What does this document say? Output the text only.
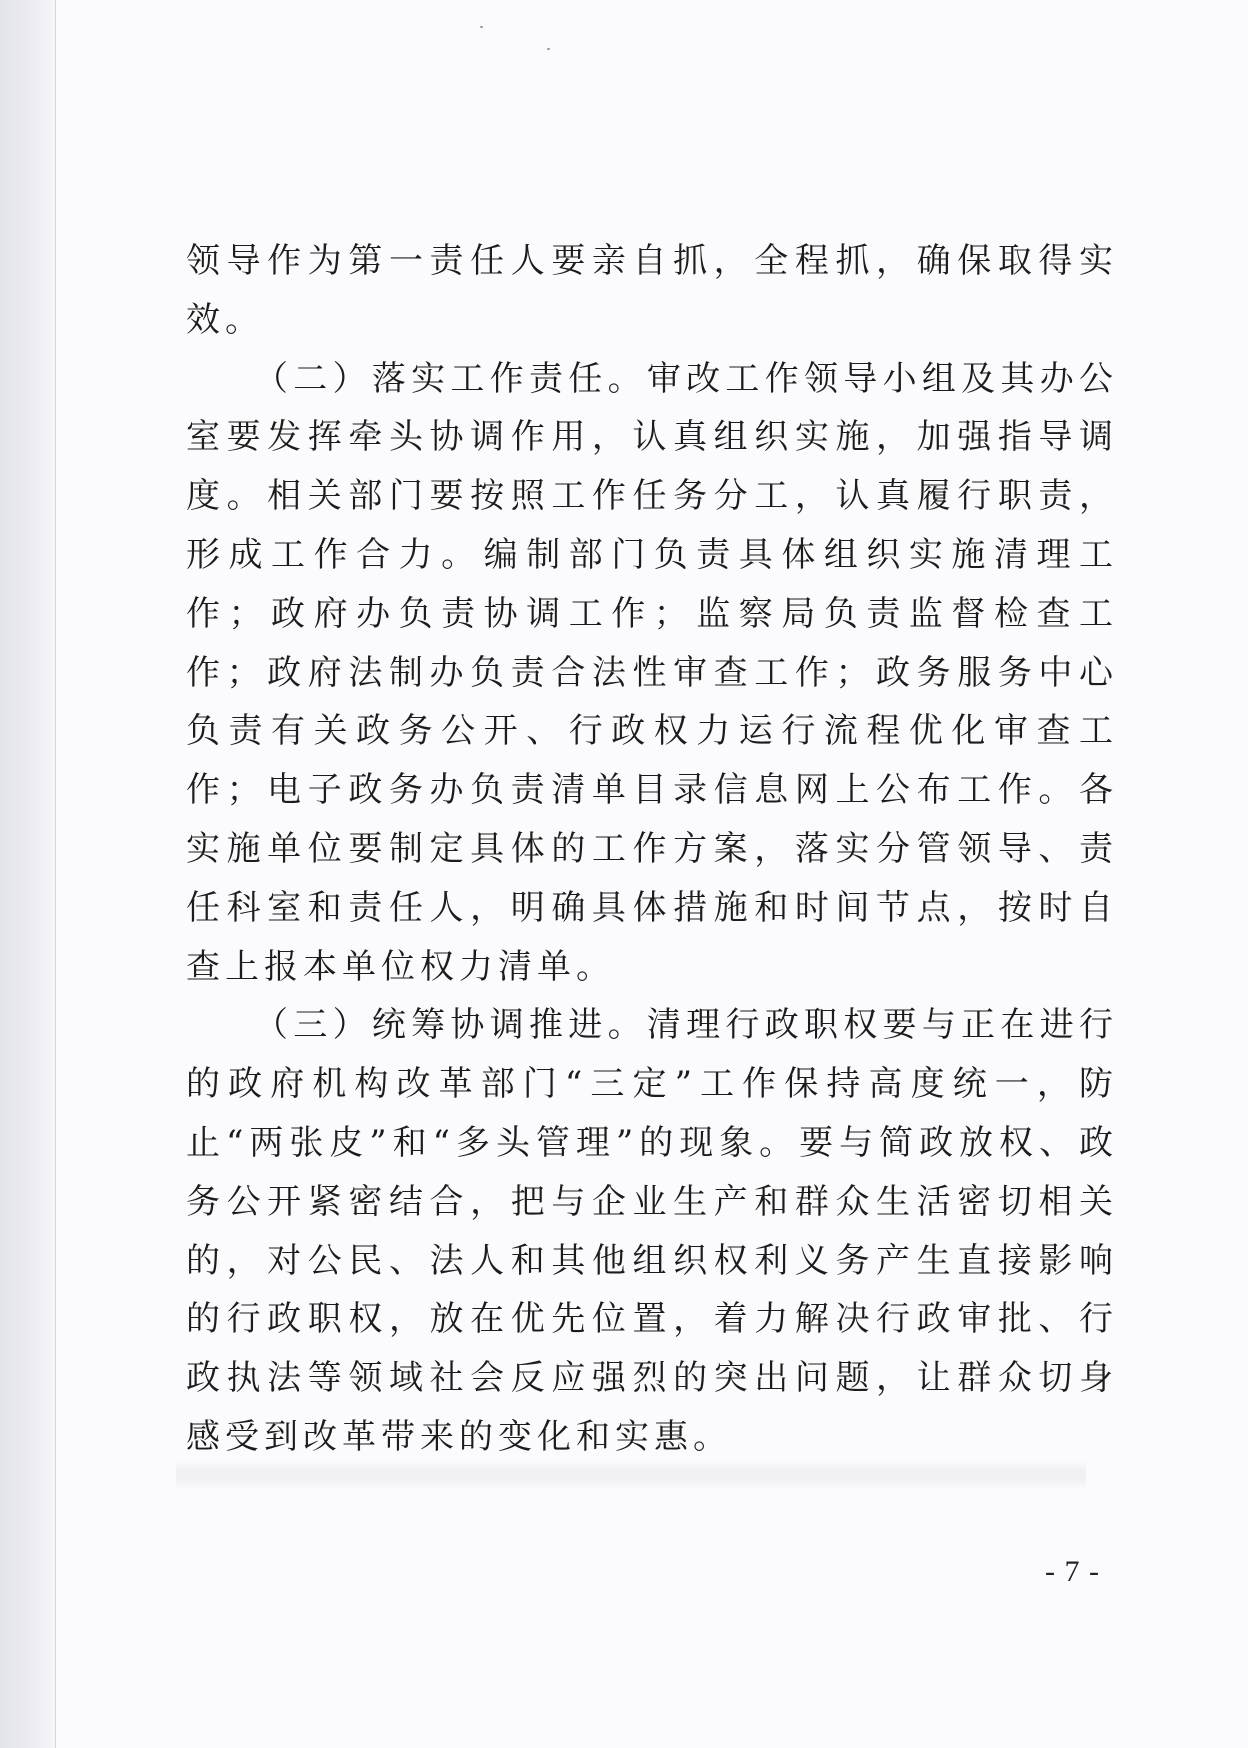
领导作为第一责任人要亲自抓，全程抓，确保取得实效。

（二）落实工作责任。审改工作领导小组及其办公室要发挥牵头协调作用，认真组织实施，加强指导调度。相关部门要按照工作任务分工，认真履行职责，形成工作合力。编制部门负责具体组织实施清理工作；政府办负责协调工作；监察局负责监督检查工作；政府法制办负责合法性审查工作；政务服务中心负责有关政务公开、行政权力运行流程优化审查工作；电子政务办负责清单目录信息网上公布工作。各实施单位要制定具体的工作方案，落实分管领导、责任科室和责任人，明确具体措施和时间节点，按时自查上报本单位权力清单。

（三）统筹协调推进。清理行政职权要与正在进行的政府机构改革部门“三定”工作保持高度统一，防止“两张皮”和“多头管理”的现象。要与简政放权、政务公开紧密结合，把与企业生产和群众生活密切相关的，对公民、法人和其他组织权利义务产生直接影响的行政职权，放在优先位置，着力解决行政审批、行政执法等领域社会反应强烈的突出问题，让群众切身感受到改革带来的变化和实惠。

- 7 -
